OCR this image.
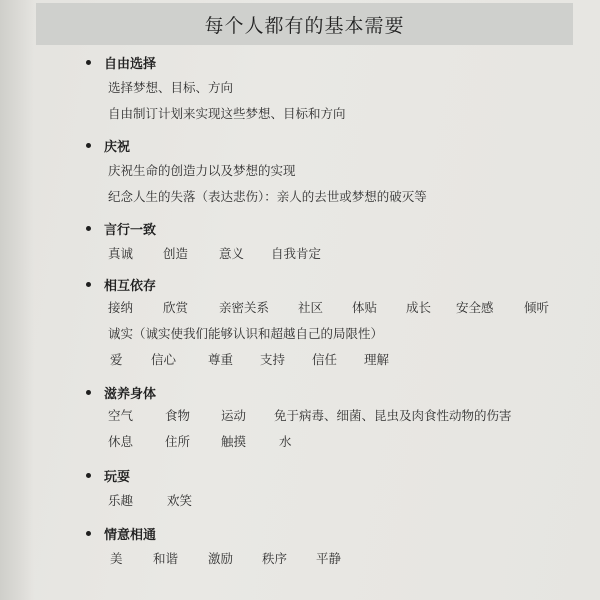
每个人都有的基本需要
自由选择
选择梦想、目标、方向
自由制订计划来实现这些梦想、目标和方向
庆祝
庆祝生命的创造力以及梦想的实现
纪念人生的失落（表达悲伤）：亲人的去世或梦想的破灭等
言行一致
真诚 创造 意义 自我肯定
相互依存
接纳 欣赏 亲密关系 社区 体贴 成长 安全感 倾听
诚实（诚实使我们能够认识和超越自己的局限性）
爱 信心	尊重 支持 信任 理解
滋养身体
空气	食物 运动 免于病毒、细菌、昆虫及肉食性动物的伤害
休息	住所 触摸	水
玩耍
乐趣	欢笑
情意相通
美 和谐 激励 秩序 平静
